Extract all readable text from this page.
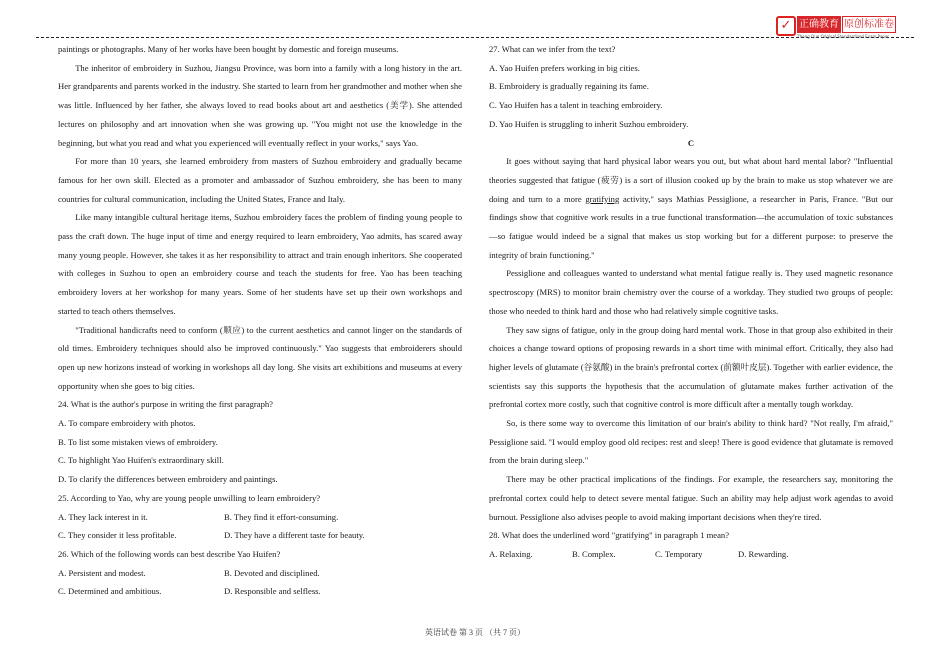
✓ 正确教育 原创标准卷
Zheng Que Original Standardized Exam Paper

paintings or photographs. Many of her works have been bought by domestic and foreign museums.

The inheritor of embroidery in Suzhou, Jiangsu Province, was born into a family with a long history in the art. Her grandparents and parents worked in the industry. She started to learn from her grandmother and mother when she was little. Influenced by her father, she always loved to read books about art and aesthetics (美学). She attended lectures on philosophy and art innovation when she was growing up. "You might not use the knowledge in the beginning, but what you read and what you experienced will eventually reflect in your works," says Yao.

For more than 10 years, she learned embroidery from masters of Suzhou embroidery and gradually became famous for her own skill. Elected as a promoter and ambassador of Suzhou embroidery, she has been to many countries for cultural communication, including the United States, France and Italy.

Like many intangible cultural heritage items, Suzhou embroidery faces the problem of finding young people to pass the craft down. The huge input of time and energy required to learn embroidery, Yao admits, has scared away many young people. However, she takes it as her responsibility to attract and train enough inheritors. She cooperated with colleges in Suzhou to open an embroidery course and teach the students for free. Yao has been teaching embroidery lovers at her workshop for many years. Some of her students have set up their own workshops and started to teach others themselves.

"Traditional handicrafts need to conform (顺应) to the current aesthetics and cannot linger on the standards of old times. Embroidery techniques should also be improved continuously." Yao suggests that embroiderers should open up new horizons instead of working in workshops all day long. She visits art exhibitions and museums at every opportunity when she goes to big cities.

24. What is the author's purpose in writing the first paragraph?

A. To compare embroidery with photos.

B. To list some mistaken views of embroidery.

C. To highlight Yao Huifen's extraordinary skill.

D. To clarify the differences between embroidery and paintings.

25. According to Yao, why are young people unwilling to learn embroidery?

A. They lack interest in it.	B. They find it effort-consuming.
C. They consider it less profitable.	D. They have a different taste for beauty.

26. Which of the following words can best describe Yao Huifen?

A. Persistent and modest.	B. Devoted and disciplined.
C. Determined and ambitious.	D. Responsible and selfless.

27. What can we infer from the text?

A. Yao Huifen prefers working in big cities.

B. Embroidery is gradually regaining its fame.

C. Yao Huifen has a talent in teaching embroidery.

D. Yao Huifen is struggling to inherit Suzhou embroidery.

C

It goes without saying that hard physical labor wears you out, but what about hard mental labor? "Influential theories suggested that fatigue (疲劳) is a sort of illusion cooked up by the brain to make us stop whatever we are doing and turn to a more gratifying activity," says Mathias Pessiglione, a researcher in Paris, France. "But our findings show that cognitive work results in a true functional transformation—the accumulation of toxic substances—so fatigue would indeed be a signal that makes us stop working but for a different purpose: to preserve the integrity of brain functioning."

Pessiglione and colleagues wanted to understand what mental fatigue really is. They used magnetic resonance spectroscopy (MRS) to monitor brain chemistry over the course of a workday. They studied two groups of people: those who needed to think hard and those who had relatively simple cognitive tasks.

They saw signs of fatigue, only in the group doing hard mental work. Those in that group also exhibited in their choices a change toward options of proposing rewards in a short time with minimal effort. Critically, they also had higher levels of glutamate (谷氨酸) in the brain's prefrontal cortex (前额叶皮层). Together with earlier evidence, the scientists say this supports the hypothesis that the accumulation of glutamate makes further activation of the prefrontal cortex more costly, such that cognitive control is more difficult after a mentally tough workday.

So, is there some way to overcome this limitation of our brain's ability to think hard? "Not really, I'm afraid," Pessiglione said. "I would employ good old recipes: rest and sleep! There is good evidence that glutamate is removed from the brain during sleep."

There may be other practical implications of the findings. For example, the researchers say, monitoring the prefrontal cortex could help to detect severe mental fatigue. Such an ability may help adjust work agendas to avoid burnout. Pessiglione also advises people to avoid making important decisions when they're tired.

28. What does the underlined word "gratifying" in paragraph 1 mean?

A. Relaxing.	B. Complex.	C. Temporary	D. Rewarding.
英语试卷 第 3 页 （共 7 页）
